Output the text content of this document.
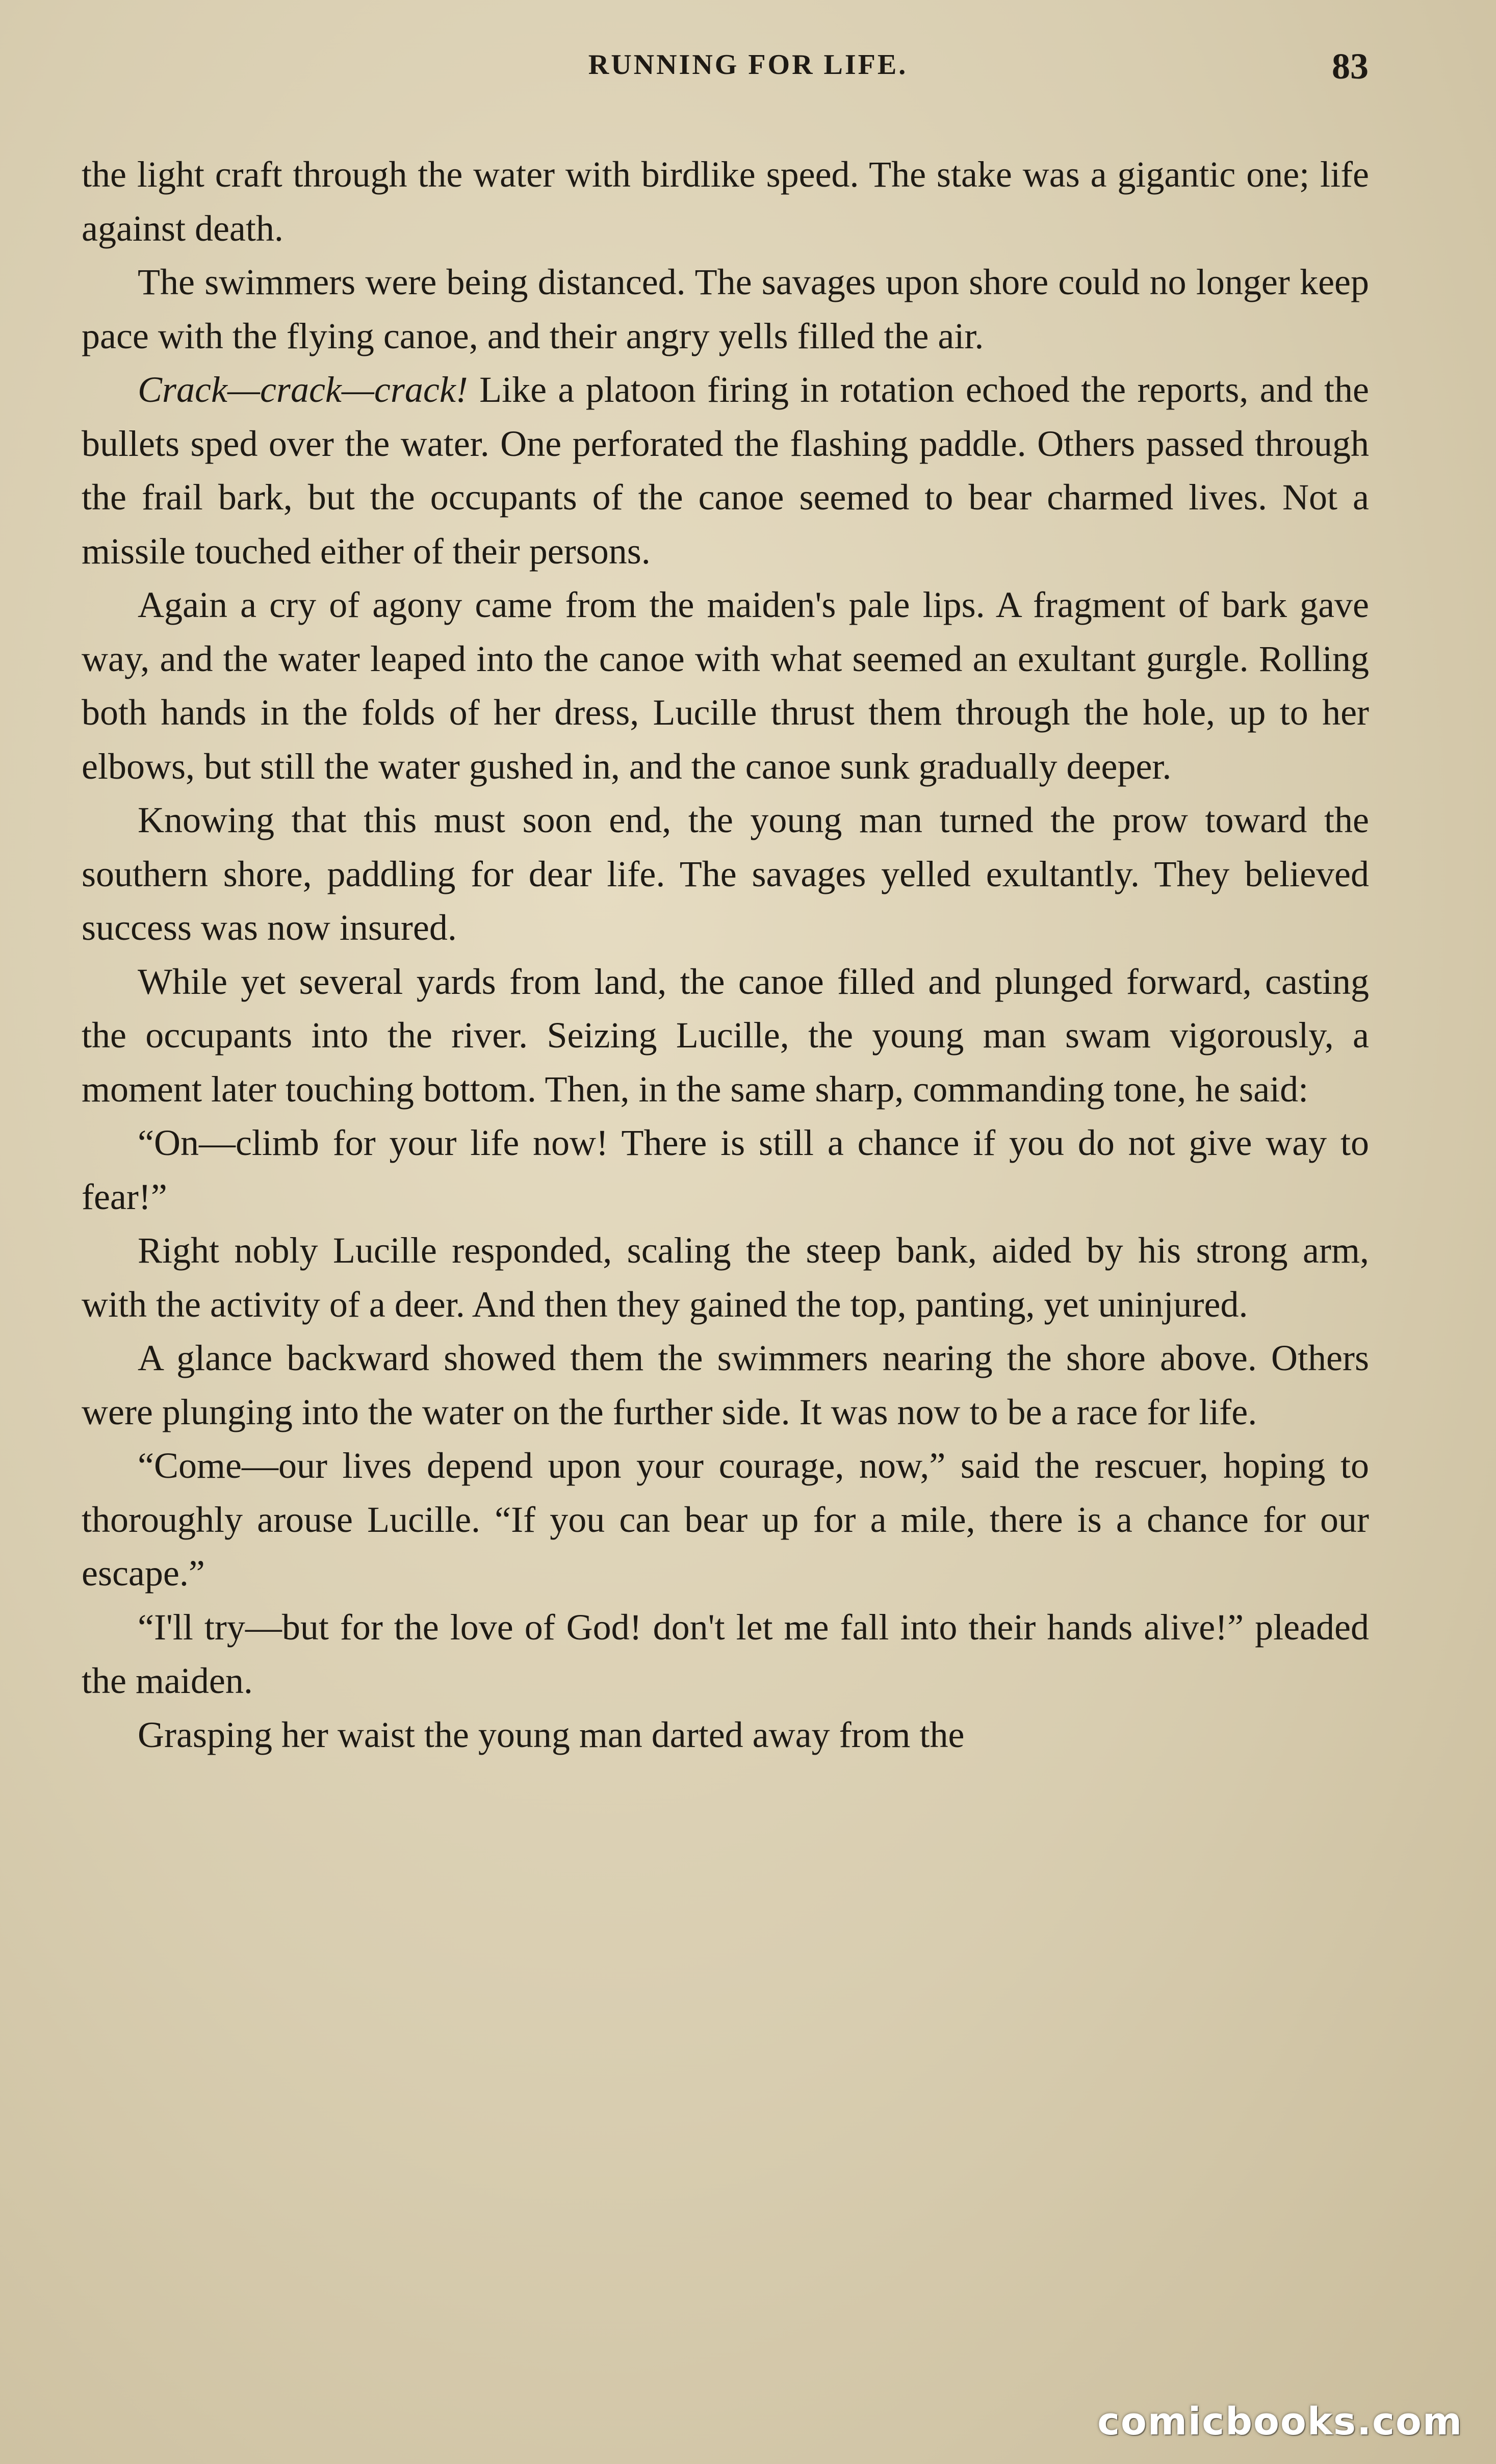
RUNNING FOR LIFE.	83

the light craft through the water with birdlike speed. The stake was a gigantic one; life against death.

The swimmers were being distanced. The savages upon shore could no longer keep pace with the flying canoe, and their angry yells filled the air.

Crack—crack—crack! Like a platoon firing in rotation echoed the reports, and the bullets sped over the water. One perforated the flashing paddle. Others passed through the frail bark, but the occupants of the canoe seemed to bear charmed lives. Not a missile touched either of their persons.

Again a cry of agony came from the maiden's pale lips. A fragment of bark gave way, and the water leaped into the canoe with what seemed an exultant gurgle. Rolling both hands in the folds of her dress, Lucille thrust them through the hole, up to her elbows, but still the water gushed in, and the canoe sunk gradually deeper.

Knowing that this must soon end, the young man turned the prow toward the southern shore, paddling for dear life. The savages yelled exultantly. They believed success was now insured.

While yet several yards from land, the canoe filled and plunged forward, casting the occupants into the river. Seizing Lucille, the young man swam vigorously, a moment later touching bottom. Then, in the same sharp, commanding tone, he said:

“On—climb for your life now! There is still a chance if you do not give way to fear!”

Right nobly Lucille responded, scaling the steep bank, aided by his strong arm, with the activity of a deer. And then they gained the top, panting, yet uninjured.

A glance backward showed them the swimmers nearing the shore above. Others were plunging into the water on the further side. It was now to be a race for life.

“Come—our lives depend upon your courage, now,” said the rescuer, hoping to thoroughly arouse Lucille. “If you can bear up for a mile, there is a chance for our escape.”

“I'll try—but for the love of God! don't let me fall into their hands alive!” pleaded the maiden.

Grasping her waist the young man darted away from the

comicbooks.com
